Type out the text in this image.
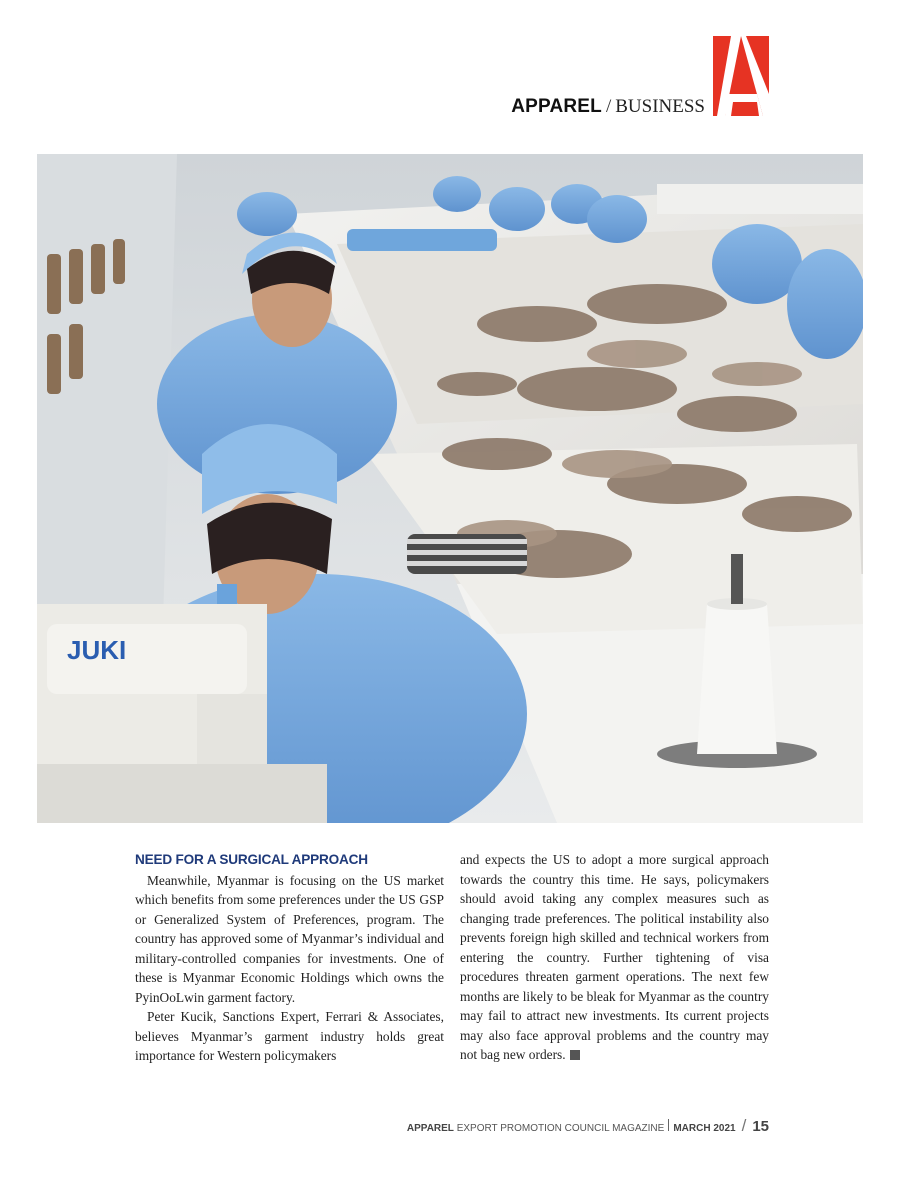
APPAREL / BUSINESS
JUKI
NEED FOR A SURGICAL APPROACH

Meanwhile, Myanmar is focusing on the US market which benefits from some preferences under the US GSP or Generalized System of Preferences, program. The country has approved some of Myanmar’s individual and military-controlled companies for investments. One of these is Myanmar Economic Holdings which owns the PyinOoLwin garment factory.

Peter Kucik, Sanctions Expert, Ferrari & Associates, believes Myanmar’s garment industry holds great importance for Western policymakers

and expects the US to adopt a more surgical approach towards the country this time. He says, policymakers should avoid taking any complex measures such as changing trade preferences. The political instability also prevents foreign high skilled and technical workers from entering the country. Further tightening of visa procedures threaten garment operations. The next few months are likely to be bleak for Myanmar as the country may fail to attract new investments. Its current projects may also face approval problems and the country may not bag new orders.

APPAREL
EXPORT PROMOTION COUNCIL MAGAZINE MARCH 2021 / 15
